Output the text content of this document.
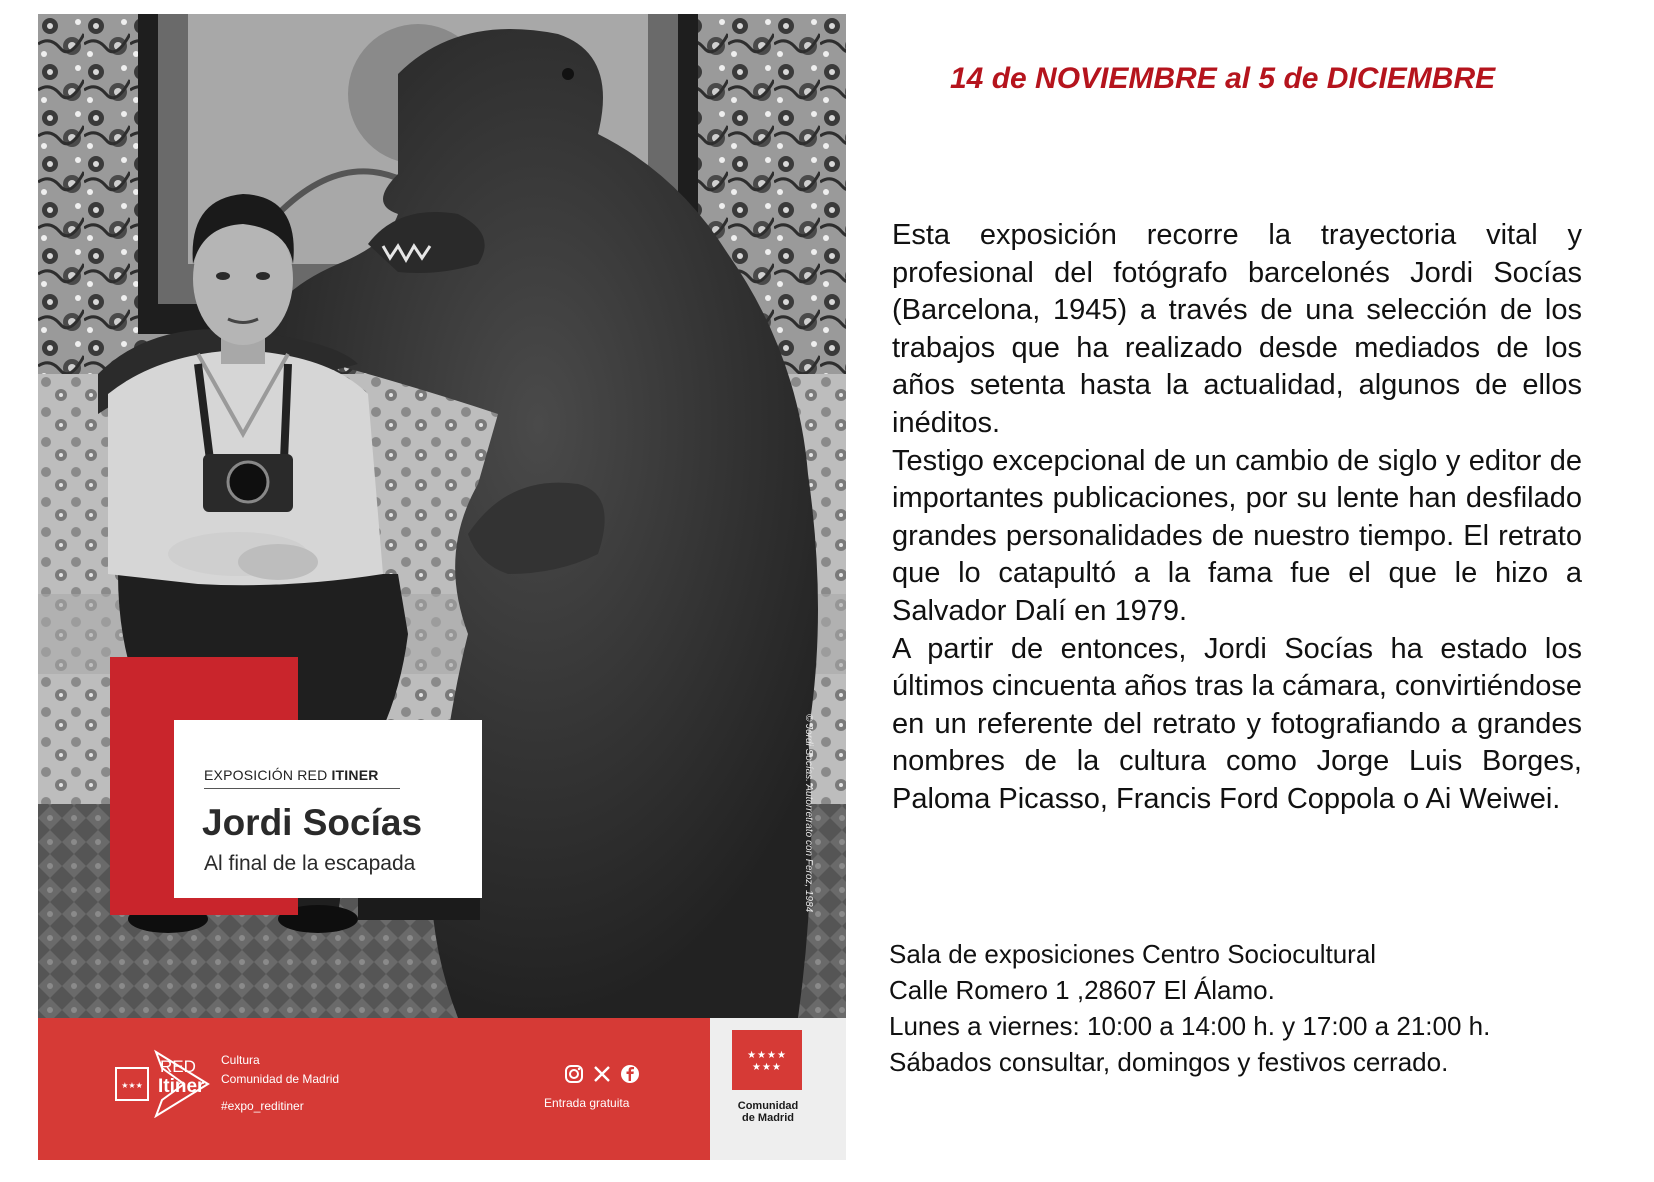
© Jordi Socías. Autorretrato con Feroz, 1984
EXPOSICIÓN RED ITINER
Jordi Socías
Al final de la escapada
★★★
RED
Itiner
Cultura
Comunidad de Madrid
#expo_reditiner	Entrada gratuita
★★★★
★★★
Comunidad
de Madrid
14 de NOVIEMBRE al 5 de DICIEMBRE

Esta exposición recorre la trayectoria vital y profesional del fotógrafo barcelonés Jordi Socías (Barcelona, 1945) a través de una selección de los trabajos que ha realizado desde mediados de los años setenta hasta la actualidad, algunos de ellos inéditos.

Testigo excepcional de un cambio de siglo y editor de importantes publicaciones, por su lente han desfilado grandes personalidades de nuestro tiempo. El retrato que lo catapultó a la fama fue el que le hizo a Salvador Dalí en 1979.

A partir de entonces, Jordi Socías ha estado los últimos cincuenta años tras la cámara, convirtiéndose en un referente del retrato y fotografiando a grandes nombres de la cultura como Jorge Luis Borges, Paloma Picasso, Francis Ford Coppola o Ai Weiwei.

Sala de exposiciones Centro Sociocultural
Calle Romero 1 ,28607 El Álamo.
Lunes a viernes: 10:00 a 14:00 h. y 17:00 a 21:00 h.
Sábados consultar, domingos y festivos cerrado.
